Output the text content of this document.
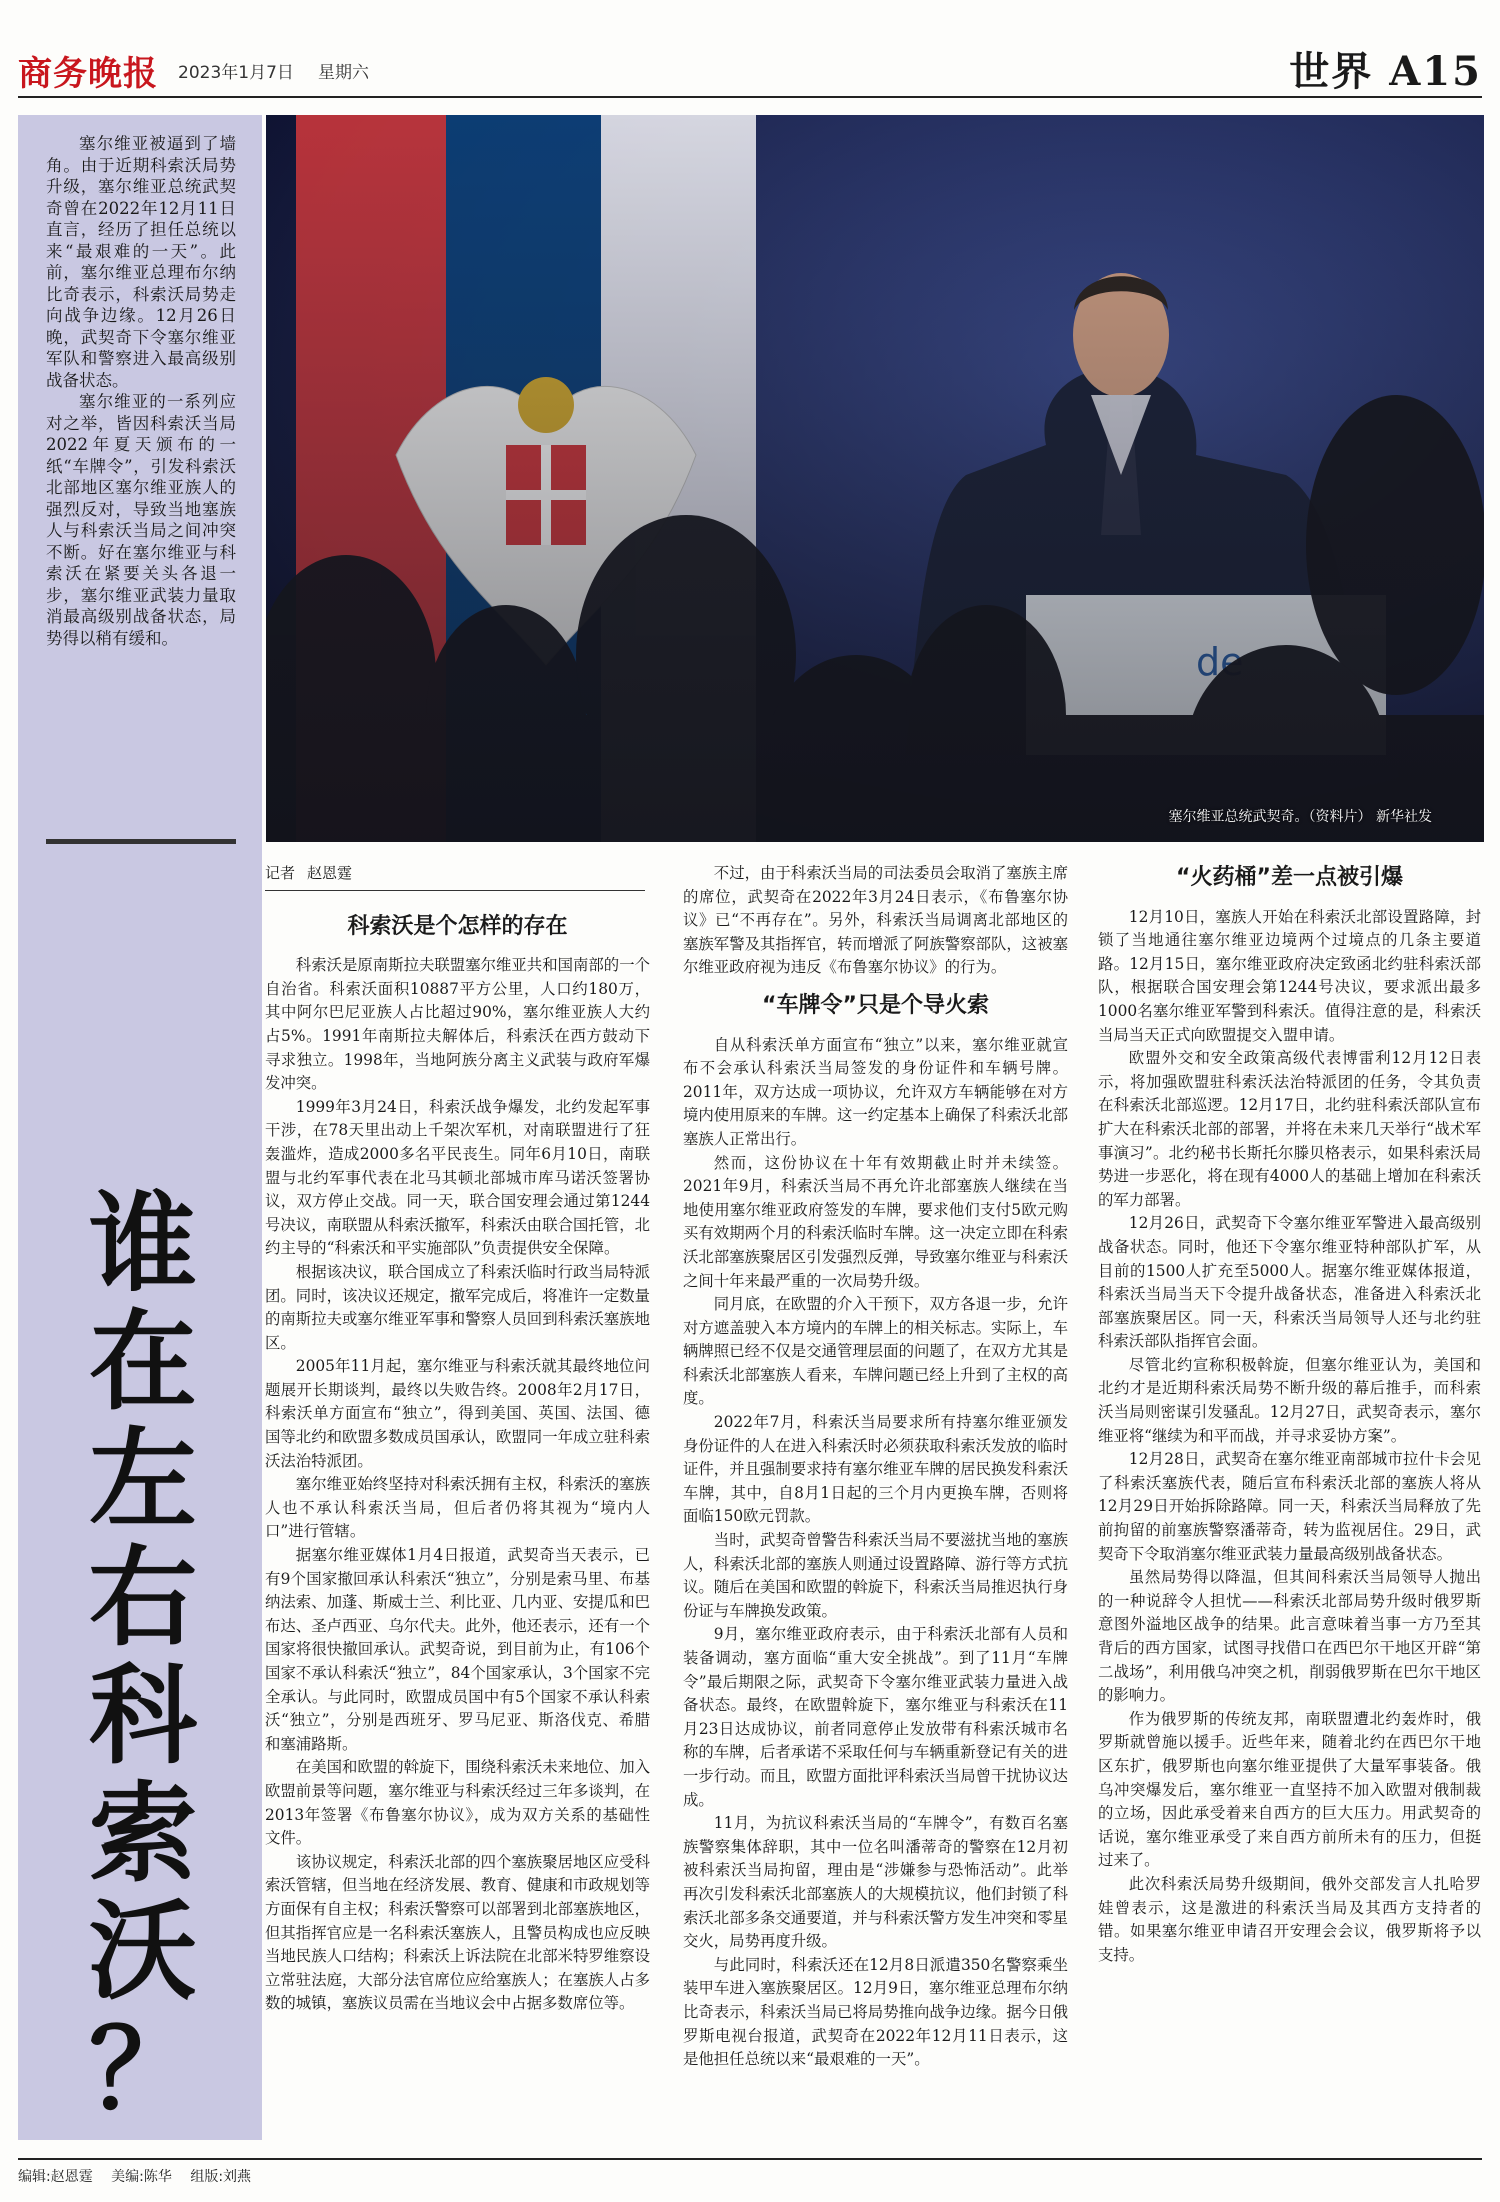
商务晚报 2023年1月7日 星期六	世界 A15

塞尔维亚被逼到了墙角。由于近期科索沃局势升级，塞尔维亚总统武契奇曾在2022年12月11日直言，经历了担任总统以来“最艰难的一天”。此前，塞尔维亚总理布尔纳比奇表示，科索沃局势走向战争边缘。12月26日晚，武契奇下令塞尔维亚军队和警察进入最高级别战备状态。

塞尔维亚的一系列应对之举，皆因科索沃当局2022年夏天颁布的一纸“车牌令”，引发科索沃北部地区塞尔维亚族人的强烈反对，导致当地塞族人与科索沃当局之间冲突不断。好在塞尔维亚与科索沃在紧要关头各退一步，塞尔维亚武装力量取消最高级别战备状态，局势得以稍有缓和。

谁
在
左
右
科
索
沃
？
塞尔维亚总统武契奇。（资料片） 新华社发
记者 赵恩霆
科索沃是个怎样的存在

科索沃是原南斯拉夫联盟塞尔维亚共和国南部的一个自治省。科索沃面积10887平方公里，人口约180万，其中阿尔巴尼亚族人占比超过90%，塞尔维亚族人大约占5%。1991年南斯拉夫解体后，科索沃在西方鼓动下寻求独立。1998年，当地阿族分离主义武装与政府军爆发冲突。

1999年3月24日，科索沃战争爆发，北约发起军事干涉，在78天里出动上千架次军机，对南联盟进行了狂轰滥炸，造成2000多名平民丧生。同年6月10日，南联盟与北约军事代表在北马其顿北部城市库马诺沃签署协议，双方停止交战。同一天，联合国安理会通过第1244号决议，南联盟从科索沃撤军，科索沃由联合国托管，北约主导的“科索沃和平实施部队”负责提供安全保障。

根据该决议，联合国成立了科索沃临时行政当局特派团。同时，该决议还规定，撤军完成后，将准许一定数量的南斯拉夫或塞尔维亚军事和警察人员回到科索沃塞族地区。

2005年11月起，塞尔维亚与科索沃就其最终地位问题展开长期谈判，最终以失败告终。2008年2月17日，科索沃单方面宣布“独立”，得到美国、英国、法国、德国等北约和欧盟多数成员国承认，欧盟同一年成立驻科索沃法治特派团。

塞尔维亚始终坚持对科索沃拥有主权，科索沃的塞族人也不承认科索沃当局，但后者仍将其视为“境内人口”进行管辖。

据塞尔维亚媒体1月4日报道，武契奇当天表示，已有9个国家撤回承认科索沃“独立”，分别是索马里、布基纳法索、加蓬、斯威士兰、利比亚、几内亚、安提瓜和巴布达、圣卢西亚、乌尔代夫。此外，他还表示，还有一个国家将很快撤回承认。武契奇说，到目前为止，有106个国家不承认科索沃“独立”，84个国家承认，3个国家不完全承认。与此同时，欧盟成员国中有5个国家不承认科索沃“独立”，分别是西班牙、罗马尼亚、斯洛伐克、希腊和塞浦路斯。

在美国和欧盟的斡旋下，围绕科索沃未来地位、加入欧盟前景等问题，塞尔维亚与科索沃经过三年多谈判，在2013年签署《布鲁塞尔协议》，成为双方关系的基础性文件。

该协议规定，科索沃北部的四个塞族聚居地区应受科索沃管辖，但当地在经济发展、教育、健康和市政规划等方面保有自主权；科索沃警察可以部署到北部塞族地区，但其指挥官应是一名科索沃塞族人，且警员构成也应反映当地民族人口结构；科索沃上诉法院在北部米特罗维察设立常驻法庭，大部分法官席位应给塞族人；在塞族人占多数的城镇，塞族议员需在当地议会中占据多数席位等。

不过，由于科索沃当局的司法委员会取消了塞族主席的席位，武契奇在2022年3月24日表示，《布鲁塞尔协议》已“不再存在”。另外，科索沃当局调离北部地区的塞族军警及其指挥官，转而增派了阿族警察部队，这被塞尔维亚政府视为违反《布鲁塞尔协议》的行为。

“车牌令”只是个导火索

自从科索沃单方面宣布“独立”以来，塞尔维亚就宣布不会承认科索沃当局签发的身份证件和车辆号牌。2011年，双方达成一项协议，允许双方车辆能够在对方境内使用原来的车牌。这一约定基本上确保了科索沃北部塞族人正常出行。

然而，这份协议在十年有效期截止时并未续签。2021年9月，科索沃当局不再允许北部塞族人继续在当地使用塞尔维亚政府签发的车牌，要求他们支付5欧元购买有效期两个月的科索沃临时车牌。这一决定立即在科索沃北部塞族聚居区引发强烈反弹，导致塞尔维亚与科索沃之间十年来最严重的一次局势升级。

同月底，在欧盟的介入干预下，双方各退一步，允许对方遮盖驶入本方境内的车牌上的相关标志。实际上，车辆牌照已经不仅是交通管理层面的问题了，在双方尤其是科索沃北部塞族人看来，车牌问题已经上升到了主权的高度。

2022年7月，科索沃当局要求所有持塞尔维亚颁发身份证件的人在进入科索沃时必须获取科索沃发放的临时证件，并且强制要求持有塞尔维亚车牌的居民换发科索沃车牌，其中，自8月1日起的三个月内更换车牌，否则将面临150欧元罚款。

当时，武契奇曾警告科索沃当局不要滋扰当地的塞族人，科索沃北部的塞族人则通过设置路障、游行等方式抗议。随后在美国和欧盟的斡旋下，科索沃当局推迟执行身份证与车牌换发政策。

9月，塞尔维亚政府表示，由于科索沃北部有人员和装备调动，塞方面临“重大安全挑战”。到了11月“车牌令”最后期限之际，武契奇下令塞尔维亚武装力量进入战备状态。最终，在欧盟斡旋下，塞尔维亚与科索沃在11月23日达成协议，前者同意停止发放带有科索沃城市名称的车牌，后者承诺不采取任何与车辆重新登记有关的进一步行动。而且，欧盟方面批评科索沃当局曾干扰协议达成。

11月，为抗议科索沃当局的“车牌令”，有数百名塞族警察集体辞职，其中一位名叫潘蒂奇的警察在12月初被科索沃当局拘留，理由是“涉嫌参与恐怖活动”。此举再次引发科索沃北部塞族人的大规模抗议，他们封锁了科索沃北部多条交通要道，并与科索沃警方发生冲突和零星交火，局势再度升级。

与此同时，科索沃还在12月8日派遣350名警察乘坐装甲车进入塞族聚居区。12月9日，塞尔维亚总理布尔纳比奇表示，科索沃当局已将局势推向战争边缘。据今日俄罗斯电视台报道，武契奇在2022年12月11日表示，这是他担任总统以来“最艰难的一天”。

“火药桶”差一点被引爆

12月10日，塞族人开始在科索沃北部设置路障，封锁了当地通往塞尔维亚边境两个过境点的几条主要道路。12月15日，塞尔维亚政府决定致函北约驻科索沃部队，根据联合国安理会第1244号决议，要求派出最多1000名塞尔维亚军警到科索沃。值得注意的是，科索沃当局当天正式向欧盟提交入盟申请。

欧盟外交和安全政策高级代表博雷利12月12日表示，将加强欧盟驻科索沃法治特派团的任务，令其负责在科索沃北部巡逻。12月17日，北约驻科索沃部队宣布扩大在科索沃北部的部署，并将在未来几天举行“战术军事演习”。北约秘书长斯托尔滕贝格表示，如果科索沃局势进一步恶化，将在现有4000人的基础上增加在科索沃的军力部署。

12月26日，武契奇下令塞尔维亚军警进入最高级别战备状态。同时，他还下令塞尔维亚特种部队扩军，从目前的1500人扩充至5000人。据塞尔维亚媒体报道，科索沃当局当天下令提升战备状态，准备进入科索沃北部塞族聚居区。同一天，科索沃当局领导人还与北约驻科索沃部队指挥官会面。

尽管北约宣称积极斡旋，但塞尔维亚认为，美国和北约才是近期科索沃局势不断升级的幕后推手，而科索沃当局则密谋引发骚乱。12月27日，武契奇表示，塞尔维亚将“继续为和平而战，并寻求妥协方案”。

12月28日，武契奇在塞尔维亚南部城市拉什卡会见了科索沃塞族代表，随后宣布科索沃北部的塞族人将从12月29日开始拆除路障。同一天，科索沃当局释放了先前拘留的前塞族警察潘蒂奇，转为监视居住。29日，武契奇下令取消塞尔维亚武装力量最高级别战备状态。

虽然局势得以降温，但其间科索沃当局领导人抛出的一种说辞令人担忧——科索沃北部局势升级时俄罗斯意图外溢地区战争的结果。此言意味着当事一方乃至其背后的西方国家，试图寻找借口在西巴尔干地区开辟“第二战场”，利用俄乌冲突之机，削弱俄罗斯在巴尔干地区的影响力。

作为俄罗斯的传统友邦，南联盟遭北约轰炸时，俄罗斯就曾施以援手。近些年来，随着北约在西巴尔干地区东扩，俄罗斯也向塞尔维亚提供了大量军事装备。俄乌冲突爆发后，塞尔维亚一直坚持不加入欧盟对俄制裁的立场，因此承受着来自西方的巨大压力。用武契奇的话说，塞尔维亚承受了来自西方前所未有的压力，但挺过来了。

此次科索沃局势升级期间，俄外交部发言人扎哈罗娃曾表示，这是激进的科索沃当局及其西方支持者的错。如果塞尔维亚申请召开安理会会议，俄罗斯将予以支持。

编辑:赵恩霆 美编:陈华 组版:刘燕
